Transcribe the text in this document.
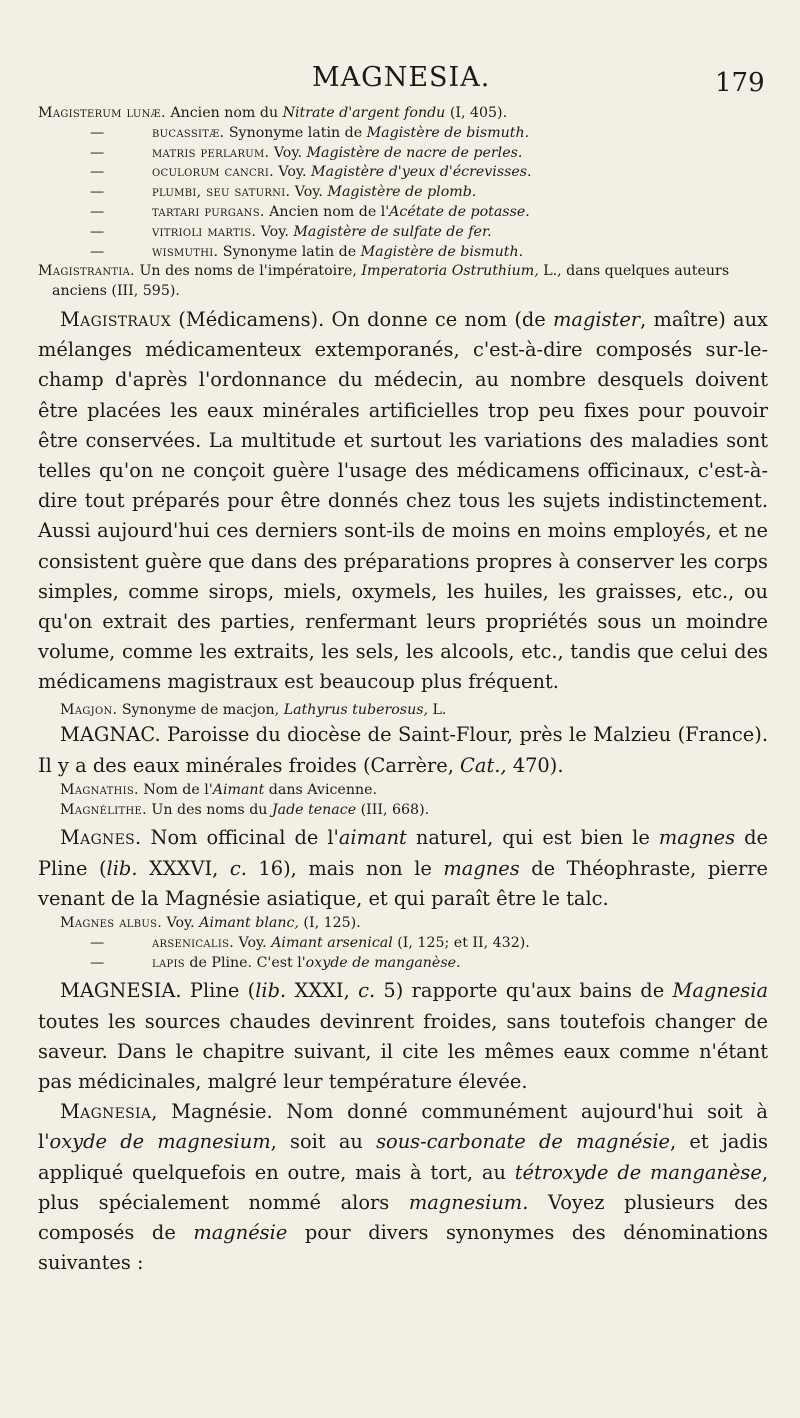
MAGNESIA.	179

Magisterum lunæ. Ancien nom du Nitrate d'argent fondu (I, 405).

—	bucassitæ. Synonyme latin de Magistère de bismuth.

—	matris perlarum. Voy. Magistère de nacre de perles.

—	oculorum cancri. Voy. Magistère d'yeux d'écrevisses.

—	plumbi, seu saturni. Voy. Magistère de plomb.

—	tartari purgans. Ancien nom de l'Acétate de potasse.

—	vitrioli martis. Voy. Magistère de sulfate de fer.

—	wismuthi. Synonyme latin de Magistère de bismuth.

Magistrantia. Un des noms de l'impératoire, Imperatoria Ostruthium, L., dans quelques auteurs anciens (III, 595).

Magistraux (Médicamens). On donne ce nom (de magister, maître) aux mélanges médicamenteux extemporanés, c'est-à-dire composés sur-le-champ d'après l'ordonnance du médecin, au nombre desquels doivent être placées les eaux minérales artificielles trop peu fixes pour pouvoir être conservées. La multitude et surtout les variations des maladies sont telles qu'on ne conçoit guère l'usage des médicamens officinaux, c'est-à-dire tout préparés pour être donnés chez tous les sujets indistinctement. Aussi aujourd'hui ces derniers sont-ils de moins en moins employés, et ne consistent guère que dans des préparations propres à conserver les corps simples, comme sirops, miels, oxymels, les huiles, les graisses, etc., ou qu'on extrait des parties, renfermant leurs propriétés sous un moindre volume, comme les extraits, les sels, les alcools, etc., tandis que celui des médicamens magistraux est beaucoup plus fréquent.

Magjon. Synonyme de macjon, Lathyrus tuberosus, L.

MAGNAC. Paroisse du diocèse de Saint-Flour, près le Malzieu (France). Il y a des eaux minérales froides (Carrère, Cat., 470).

Magnathis. Nom de l'Aimant dans Avicenne.

Magnélithe. Un des noms du Jade tenace (III, 668).

Magnes. Nom officinal de l'aimant naturel, qui est bien le magnes de Pline (lib. XXXVI, c. 16), mais non le magnes de Théophraste, pierre venant de la Magnésie asiatique, et qui paraît être le talc.

Magnes albus. Voy. Aimant blanc, (I, 125).

—	arsenicalis. Voy. Aimant arsenical (I, 125; et II, 432).

—	lapis de Pline. C'est l'oxyde de manganèse.

MAGNESIA. Pline (lib. XXXI, c. 5) rapporte qu'aux bains de Magnesia toutes les sources chaudes devinrent froides, sans toutefois changer de saveur. Dans le chapitre suivant, il cite les mêmes eaux comme n'étant pas médicinales, malgré leur température élevée.

Magnesia, Magnésie. Nom donné communément aujourd'hui soit à l'oxyde de magnesium, soit au sous-carbonate de magnésie, et jadis appliqué quelquefois en outre, mais à tort, au tétroxyde de manganèse, plus spécialement nommé alors magnesium. Voyez plusieurs des composés de magnésie pour divers synonymes des dénominations suivantes :
